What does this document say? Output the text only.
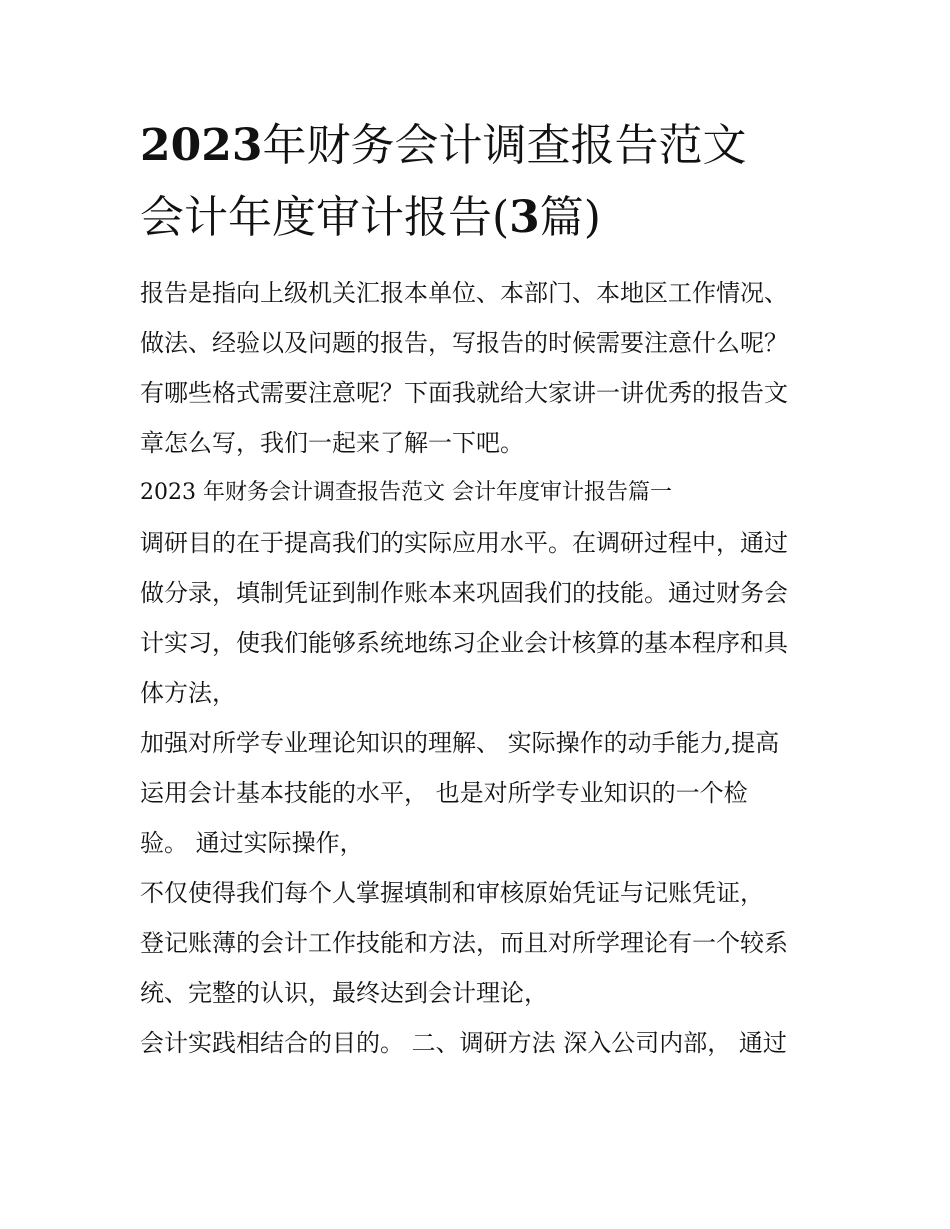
2023年财务会计调查报告范文
会计年度审计报告(3篇)
报告是指向上级机关汇报本单位、本部门、本地区工作情况、
做法、经验以及问题的报告，写报告的时候需要注意什么呢？
有哪些格式需要注意呢？下面我就给大家讲一讲优秀的报告文
章怎么写，我们一起来了解一下吧。
2023 年财务会计调查报告范文 会计年度审计报告篇一
调研目的在于提高我们的实际应用水平。在调研过程中，通过
做分录，填制凭证到制作账本来巩固我们的技能。通过财务会
计实习，使我们能够系统地练习企业会计核算的基本程序和具
体方法，
加强对所学专业理论知识的理解、 实际操作的动手能力,提高
运用会计基本技能的水平， 也是对所学专业知识的一个检
验。 通过实际操作，
不仅使得我们每个人掌握填制和审核原始凭证与记账凭证，
登记账薄的会计工作技能和方法，而且对所学理论有一个较系
统、完整的认识，最终达到会计理论，
会计实践相结合的目的。 二、调研方法 深入公司内部， 通过
